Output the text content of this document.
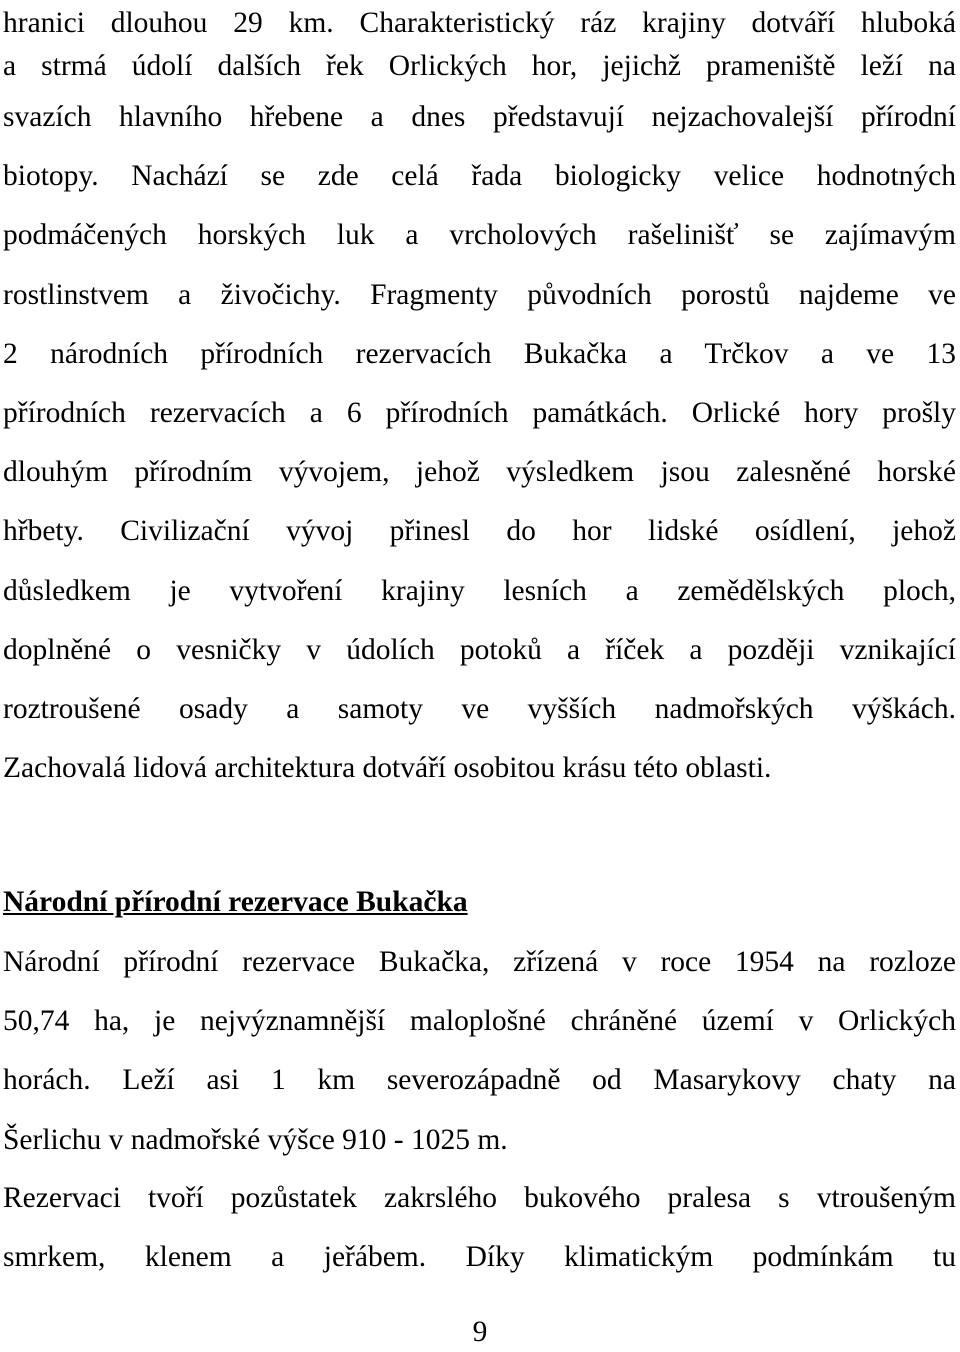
hranici dlouhou 29 km. Charakteristický ráz krajiny dotváří hluboká
a strmá údolí dalších řek Orlických hor, jejichž prameniště leží na
svazích hlavního hřebene a dnes představují nejzachovalejší přírodní
biotopy. Nachází se zde celá řada biologicky velice hodnotných
podmáčených horských luk a vrcholových rašelinišť se zajímavým
rostlinstvem a živočichy. Fragmenty původních porostů najdeme ve
2 národních přírodních rezervacích Bukačka a Trčkov a ve 13
přírodních rezervacích a 6 přírodních památkách. Orlické hory prošly
dlouhým přírodním vývojem, jehož výsledkem jsou zalesněné horské
hřbety. Civilizační vývoj přinesl do hor lidské osídlení, jehož
důsledkem je vytvoření krajiny lesních a zemědělských ploch,
doplněné o vesničky v údolích potoků a říček a později vznikající
roztroušené osady a samoty ve vyšších nadmořských výškách.
Zachovalá lidová architektura dotváří osobitou krásu této oblasti.

Národní přírodní rezervace Bukačka

Národní přírodní rezervace Bukačka, zřízená v roce 1954 na rozloze
50,74 ha, je nejvýznamnější maloplošné chráněné území v Orlických
horách. Leží asi 1 km severozápadně od Masarykovy chaty na
Šerlichu v nadmořské výšce 910 - 1025 m.

Rezervaci tvoří pozůstatek zakrslého bukového pralesa s vtroušeným
smrkem, klenem a jeřábem. Díky klimatickým podmínkám tu

9
